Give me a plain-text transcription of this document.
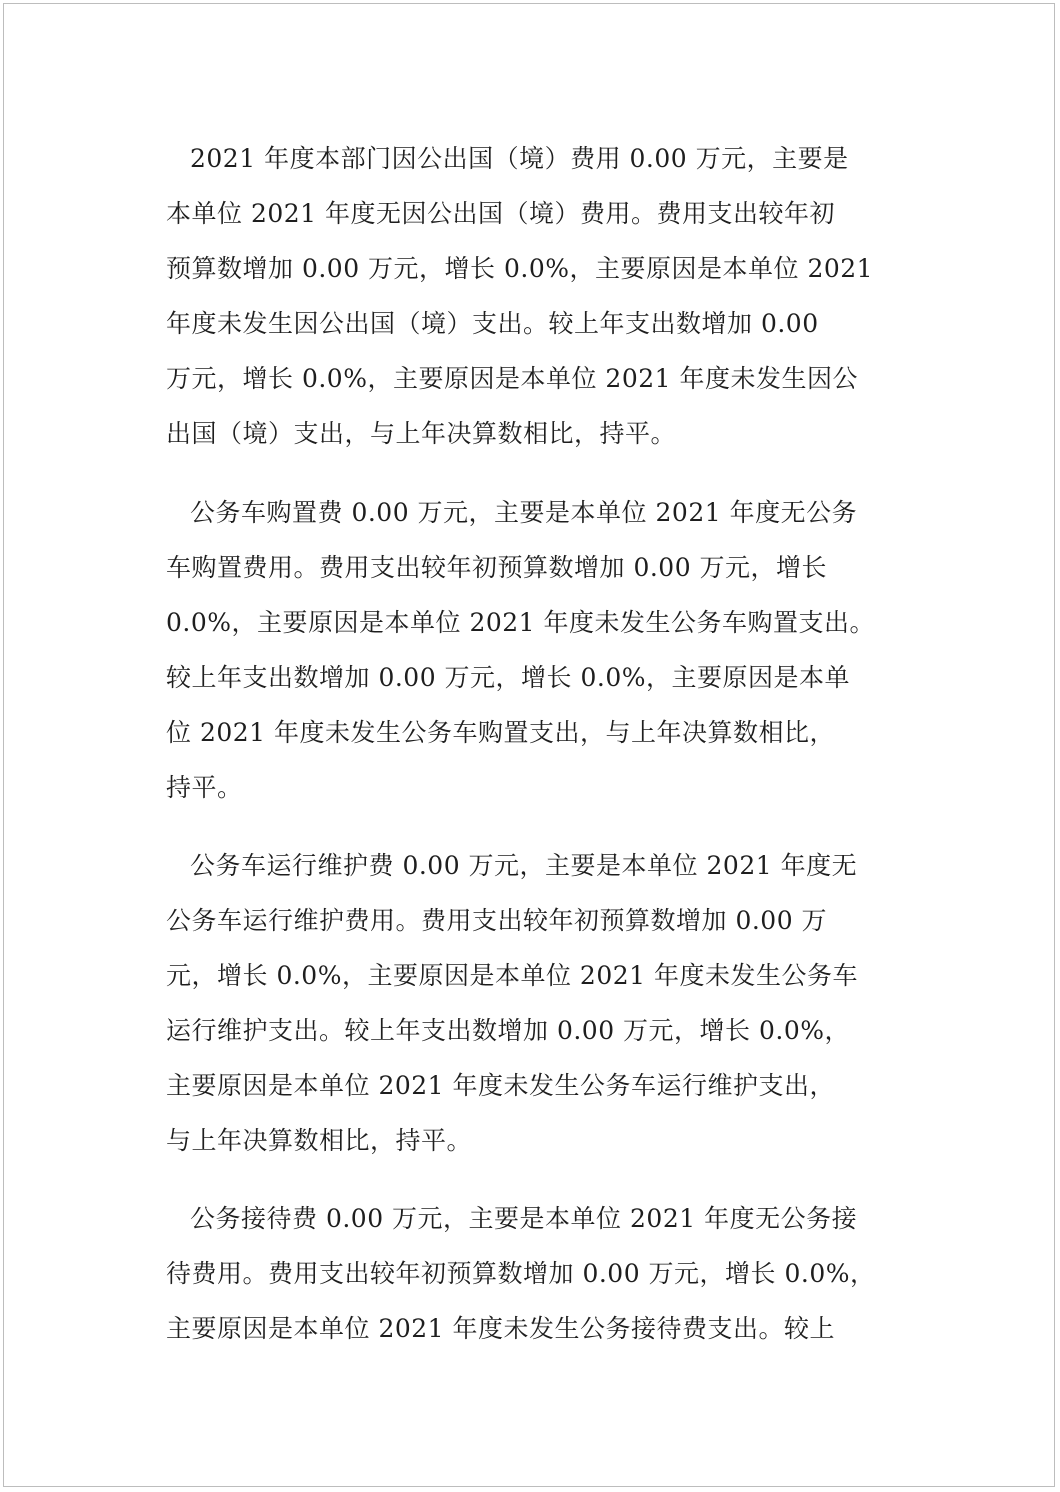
2021 年度本部门因公出国（境）费用 0.00 万元，主要是
本单位 2021 年度无因公出国（境）费用。费用支出较年初
预算数增加 0.00 万元，增长 0.0%，主要原因是本单位 2021
年度未发生因公出国（境）支出。较上年支出数增加 0.00
万元，增长 0.0%，主要原因是本单位 2021 年度未发生因公
出国（境）支出，与上年决算数相比，持平。
公务车购置费 0.00 万元，主要是本单位 2021 年度无公务
车购置费用。费用支出较年初预算数增加 0.00 万元，增长
0.0%，主要原因是本单位 2021 年度未发生公务车购置支出。
较上年支出数增加 0.00 万元，增长 0.0%，主要原因是本单
位 2021 年度未发生公务车购置支出，与上年决算数相比，
持平。
公务车运行维护费 0.00 万元，主要是本单位 2021 年度无
公务车运行维护费用。费用支出较年初预算数增加 0.00 万
元，增长 0.0%，主要原因是本单位 2021 年度未发生公务车
运行维护支出。较上年支出数增加 0.00 万元，增长 0.0%，
主要原因是本单位 2021 年度未发生公务车运行维护支出，
与上年决算数相比，持平。
公务接待费 0.00 万元，主要是本单位 2021 年度无公务接
待费用。费用支出较年初预算数增加 0.00 万元，增长 0.0%，
主要原因是本单位 2021 年度未发生公务接待费支出。较上
